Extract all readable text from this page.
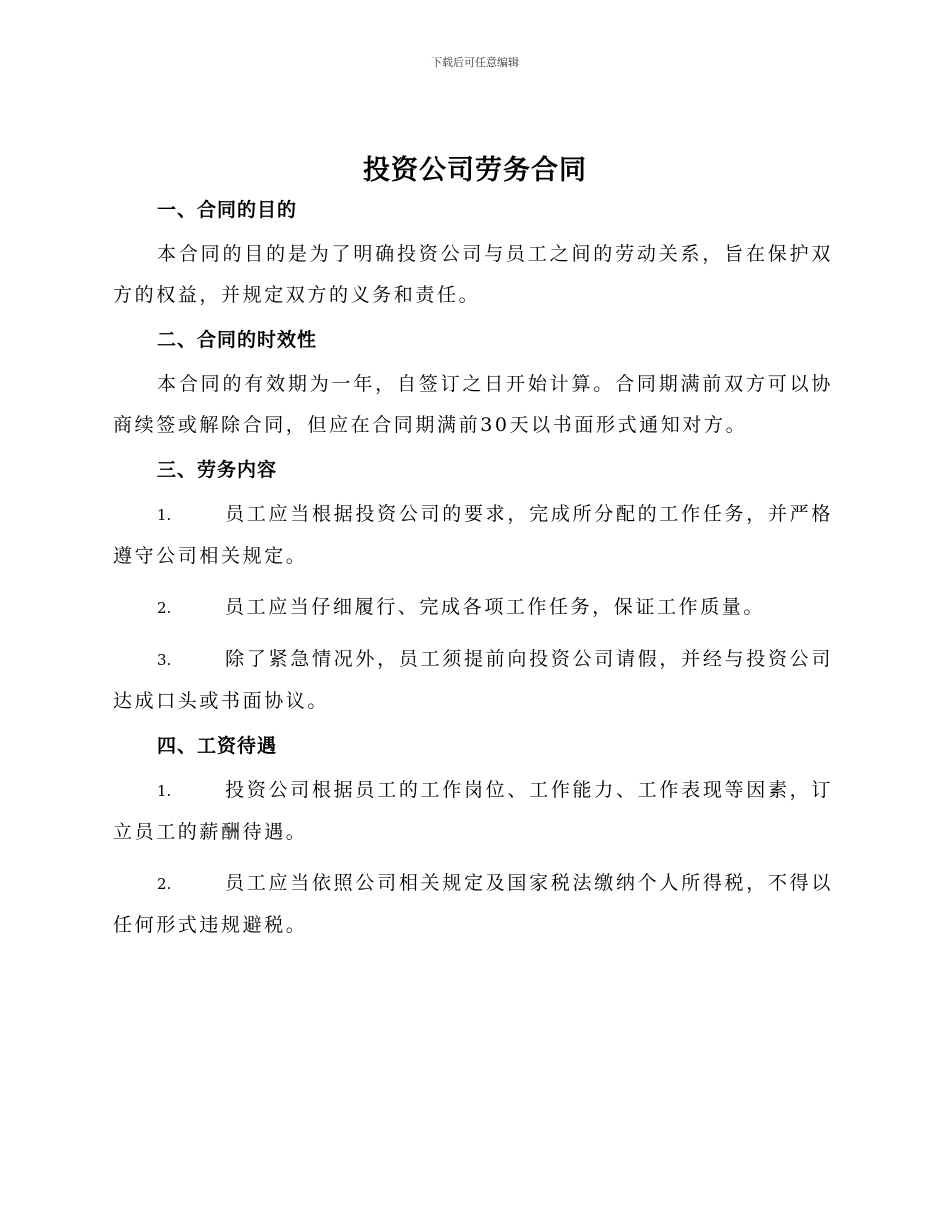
下载后可任意编辑
投资公司劳务合同
一、合同的目的

本合同的目的是为了明确投资公司与员工之间的劳动关系，旨在保护双方的权益，并规定双方的义务和责任。

二、合同的时效性

本合同的有效期为一年，自签订之日开始计算。合同期满前双方可以协商续签或解除合同，但应在合同期满前30天以书面形式通知对方。

三、劳务内容

1.	员工应当根据投资公司的要求，完成所分配的工作任务，并严格遵守公司相关规定。

2.	员工应当仔细履行、完成各项工作任务，保证工作质量。

3.	除了紧急情况外，员工须提前向投资公司请假，并经与投资公司达成口头或书面协议。

四、工资待遇

1.	投资公司根据员工的工作岗位、工作能力、工作表现等因素，订立员工的薪酬待遇。

2.	员工应当依照公司相关规定及国家税法缴纳个人所得税，不得以任何形式违规避税。
